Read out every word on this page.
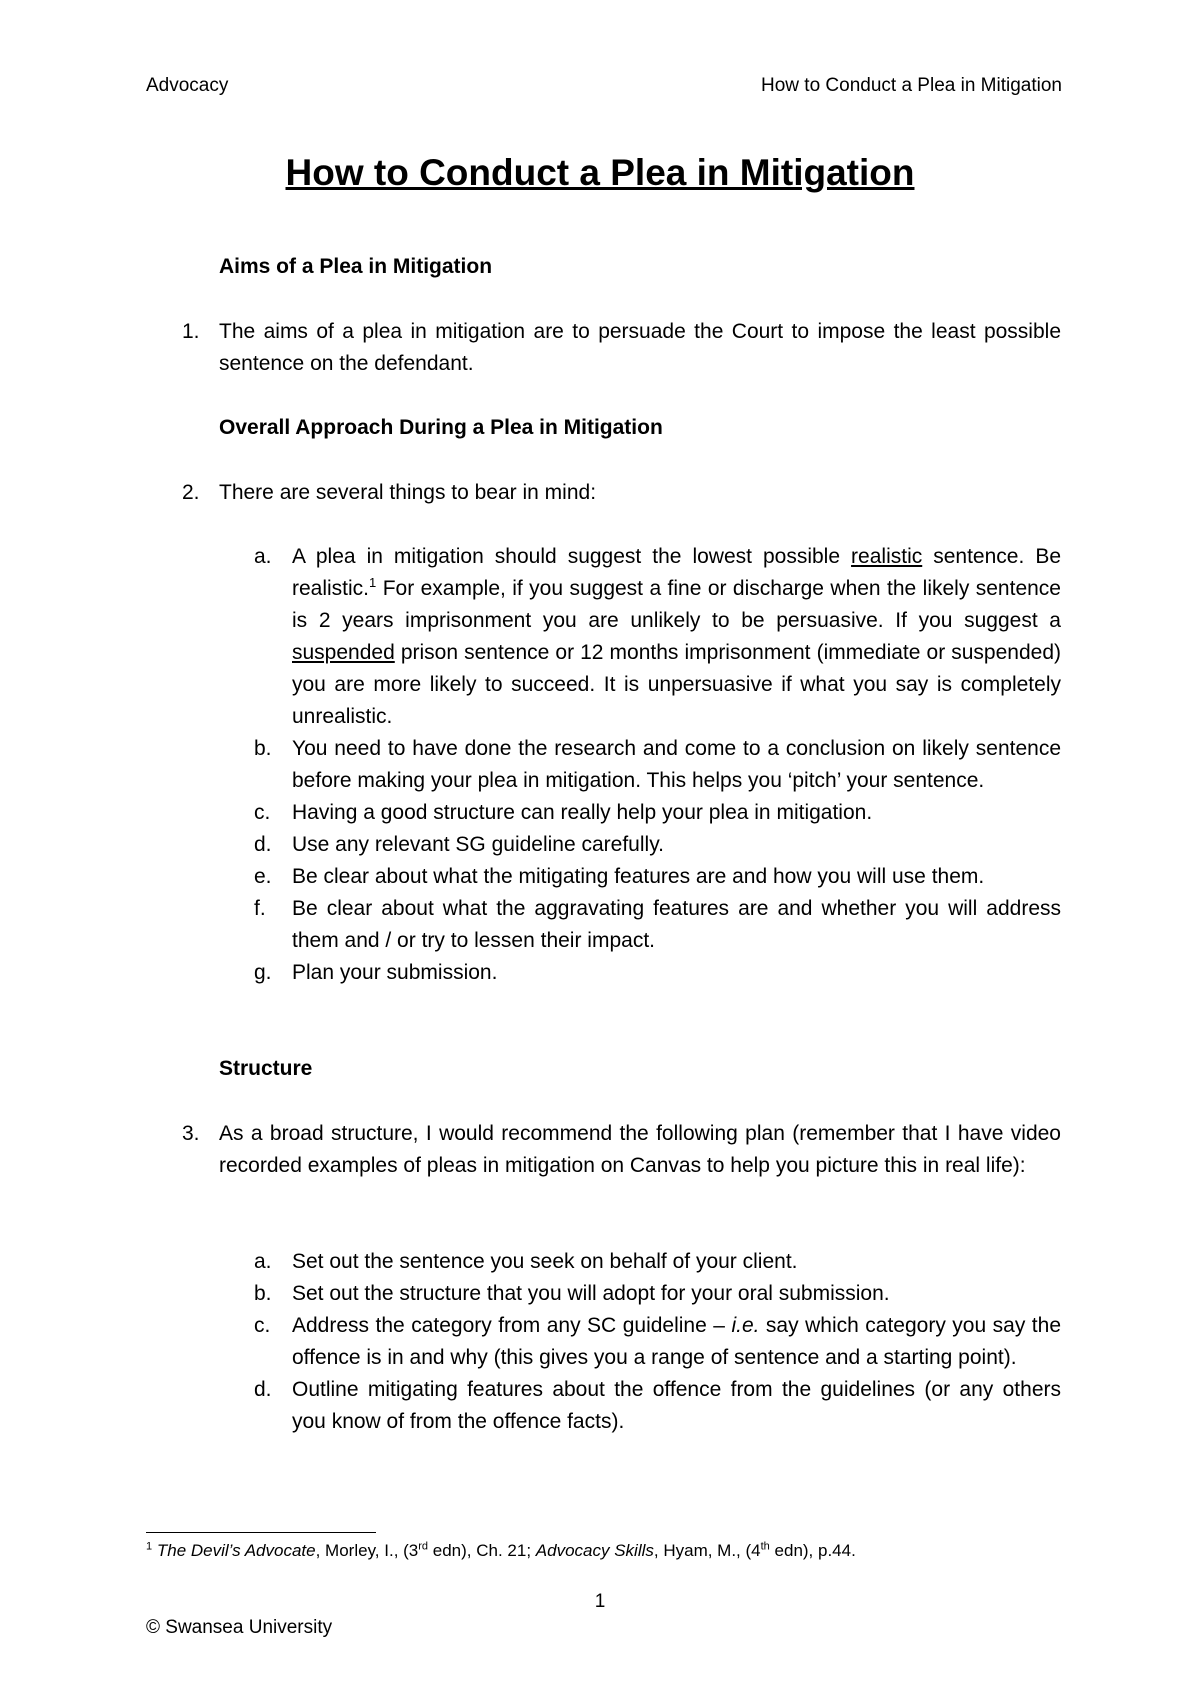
Advocacy	How to Conduct a Plea in Mitigation
How to Conduct a Plea in Mitigation
Aims of a Plea in Mitigation
1. The aims of a plea in mitigation are to persuade the Court to impose the least possible sentence on the defendant.
Overall Approach During a Plea in Mitigation
2. There are several things to bear in mind:
a. A plea in mitigation should suggest the lowest possible realistic sentence. Be realistic.$^1$ For example, if you suggest a fine or discharge when the likely sentence is 2 years imprisonment you are unlikely to be persuasive. If you suggest a suspended prison sentence or 12 months imprisonment (immediate or suspended) you are more likely to succeed. It is unpersuasive if what you say is completely unrealistic.
b. You need to have done the research and come to a conclusion on likely sentence before making your plea in mitigation. This helps you ‘pitch’ your sentence.
c.	Having a good structure can really help your plea in mitigation.
d. Use any relevant SG guideline carefully.
e. Be clear about what the mitigating features are and how you will use them.
f.	Be clear about what the aggravating features are and whether you will address them and / or try to lessen their impact.
g. Plan your submission.
Structure
3. As a broad structure, I would recommend the following plan (remember that I have video recorded examples of pleas in mitigation on Canvas to help you picture this in real life):
a. Set out the sentence you seek on behalf of your client.
b. Set out the structure that you will adopt for your oral submission.
c.	Address the category from any SC guideline – i.e. say which category you say the offence is in and why (this gives you a range of sentence and a starting point).
d. Outline mitigating features about the offence from the guidelines (or any others you know of from the offence facts).
$^1$ The Devil’s Advocate, Morley, I., (3rd edn), Ch. 21; Advocacy Skills, Hyam, M., (4th edn), p.44.
1
© Swansea University
